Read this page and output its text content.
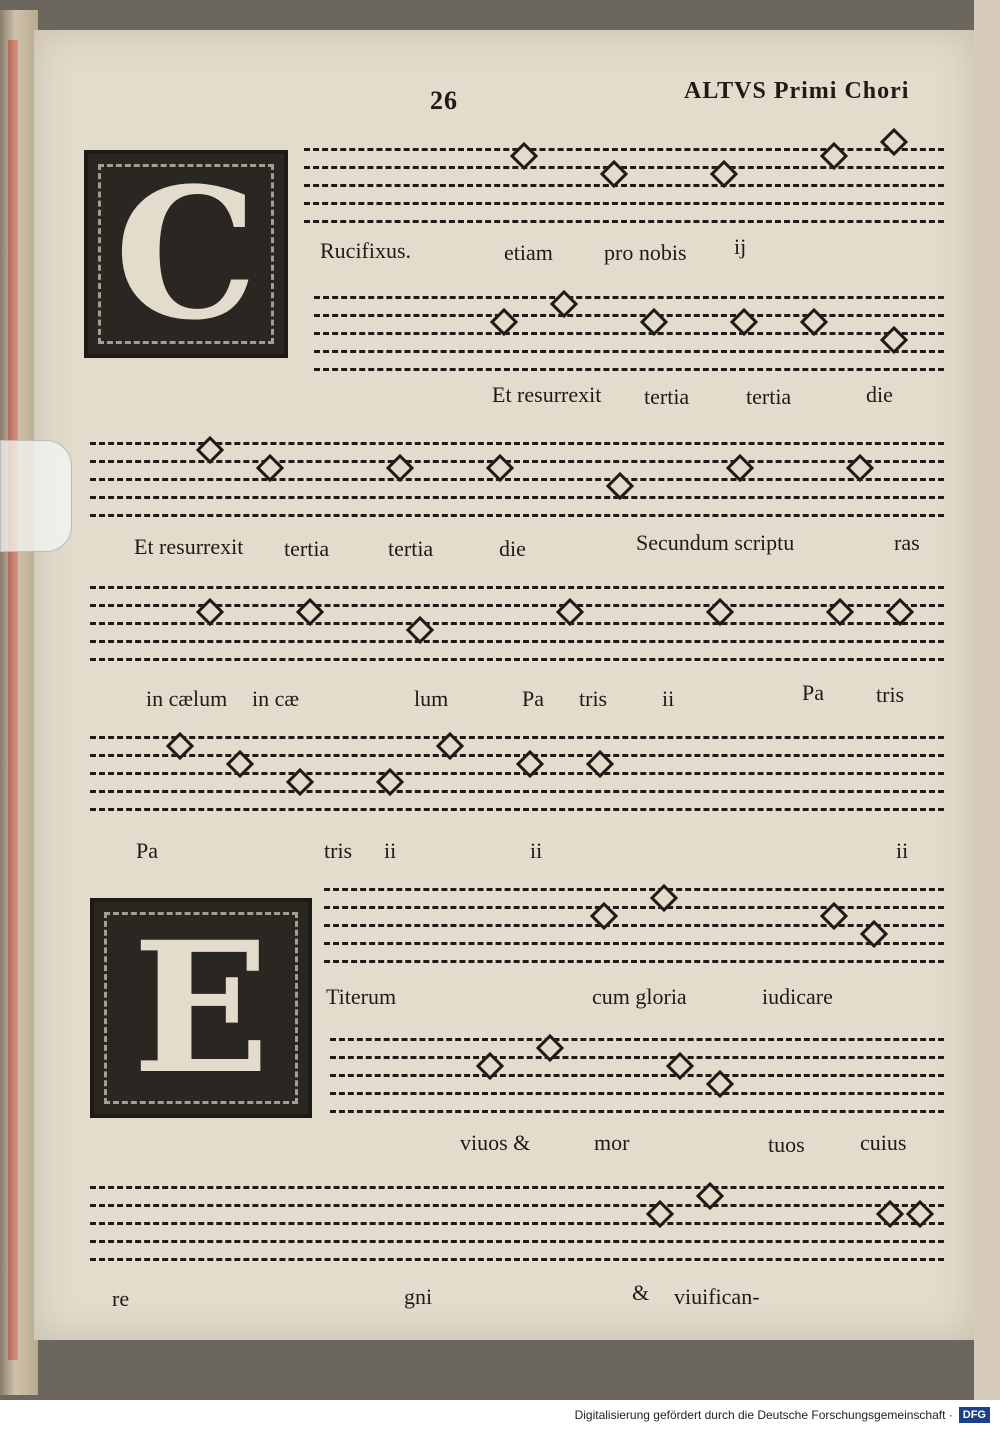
26	ALTVS Primi Chori
C	Rucifixus.	etiam pro nobis ij
Et resurrexit tertia	tertia	die
Et resurrexit tertia	tertia	die	Secundum scriptu	ras
in cælum in cæ	lum	Pa tris ii	Pa tris
Pa	tris ii	ii	ii
E	Titerum	cum gloria	iudicare
viuos &	mor	tuos	cuius
re	gni	& viuifican-
Digitalisierung gefördert durch die Deutsche Forschungsgemeinschaft · DFG
